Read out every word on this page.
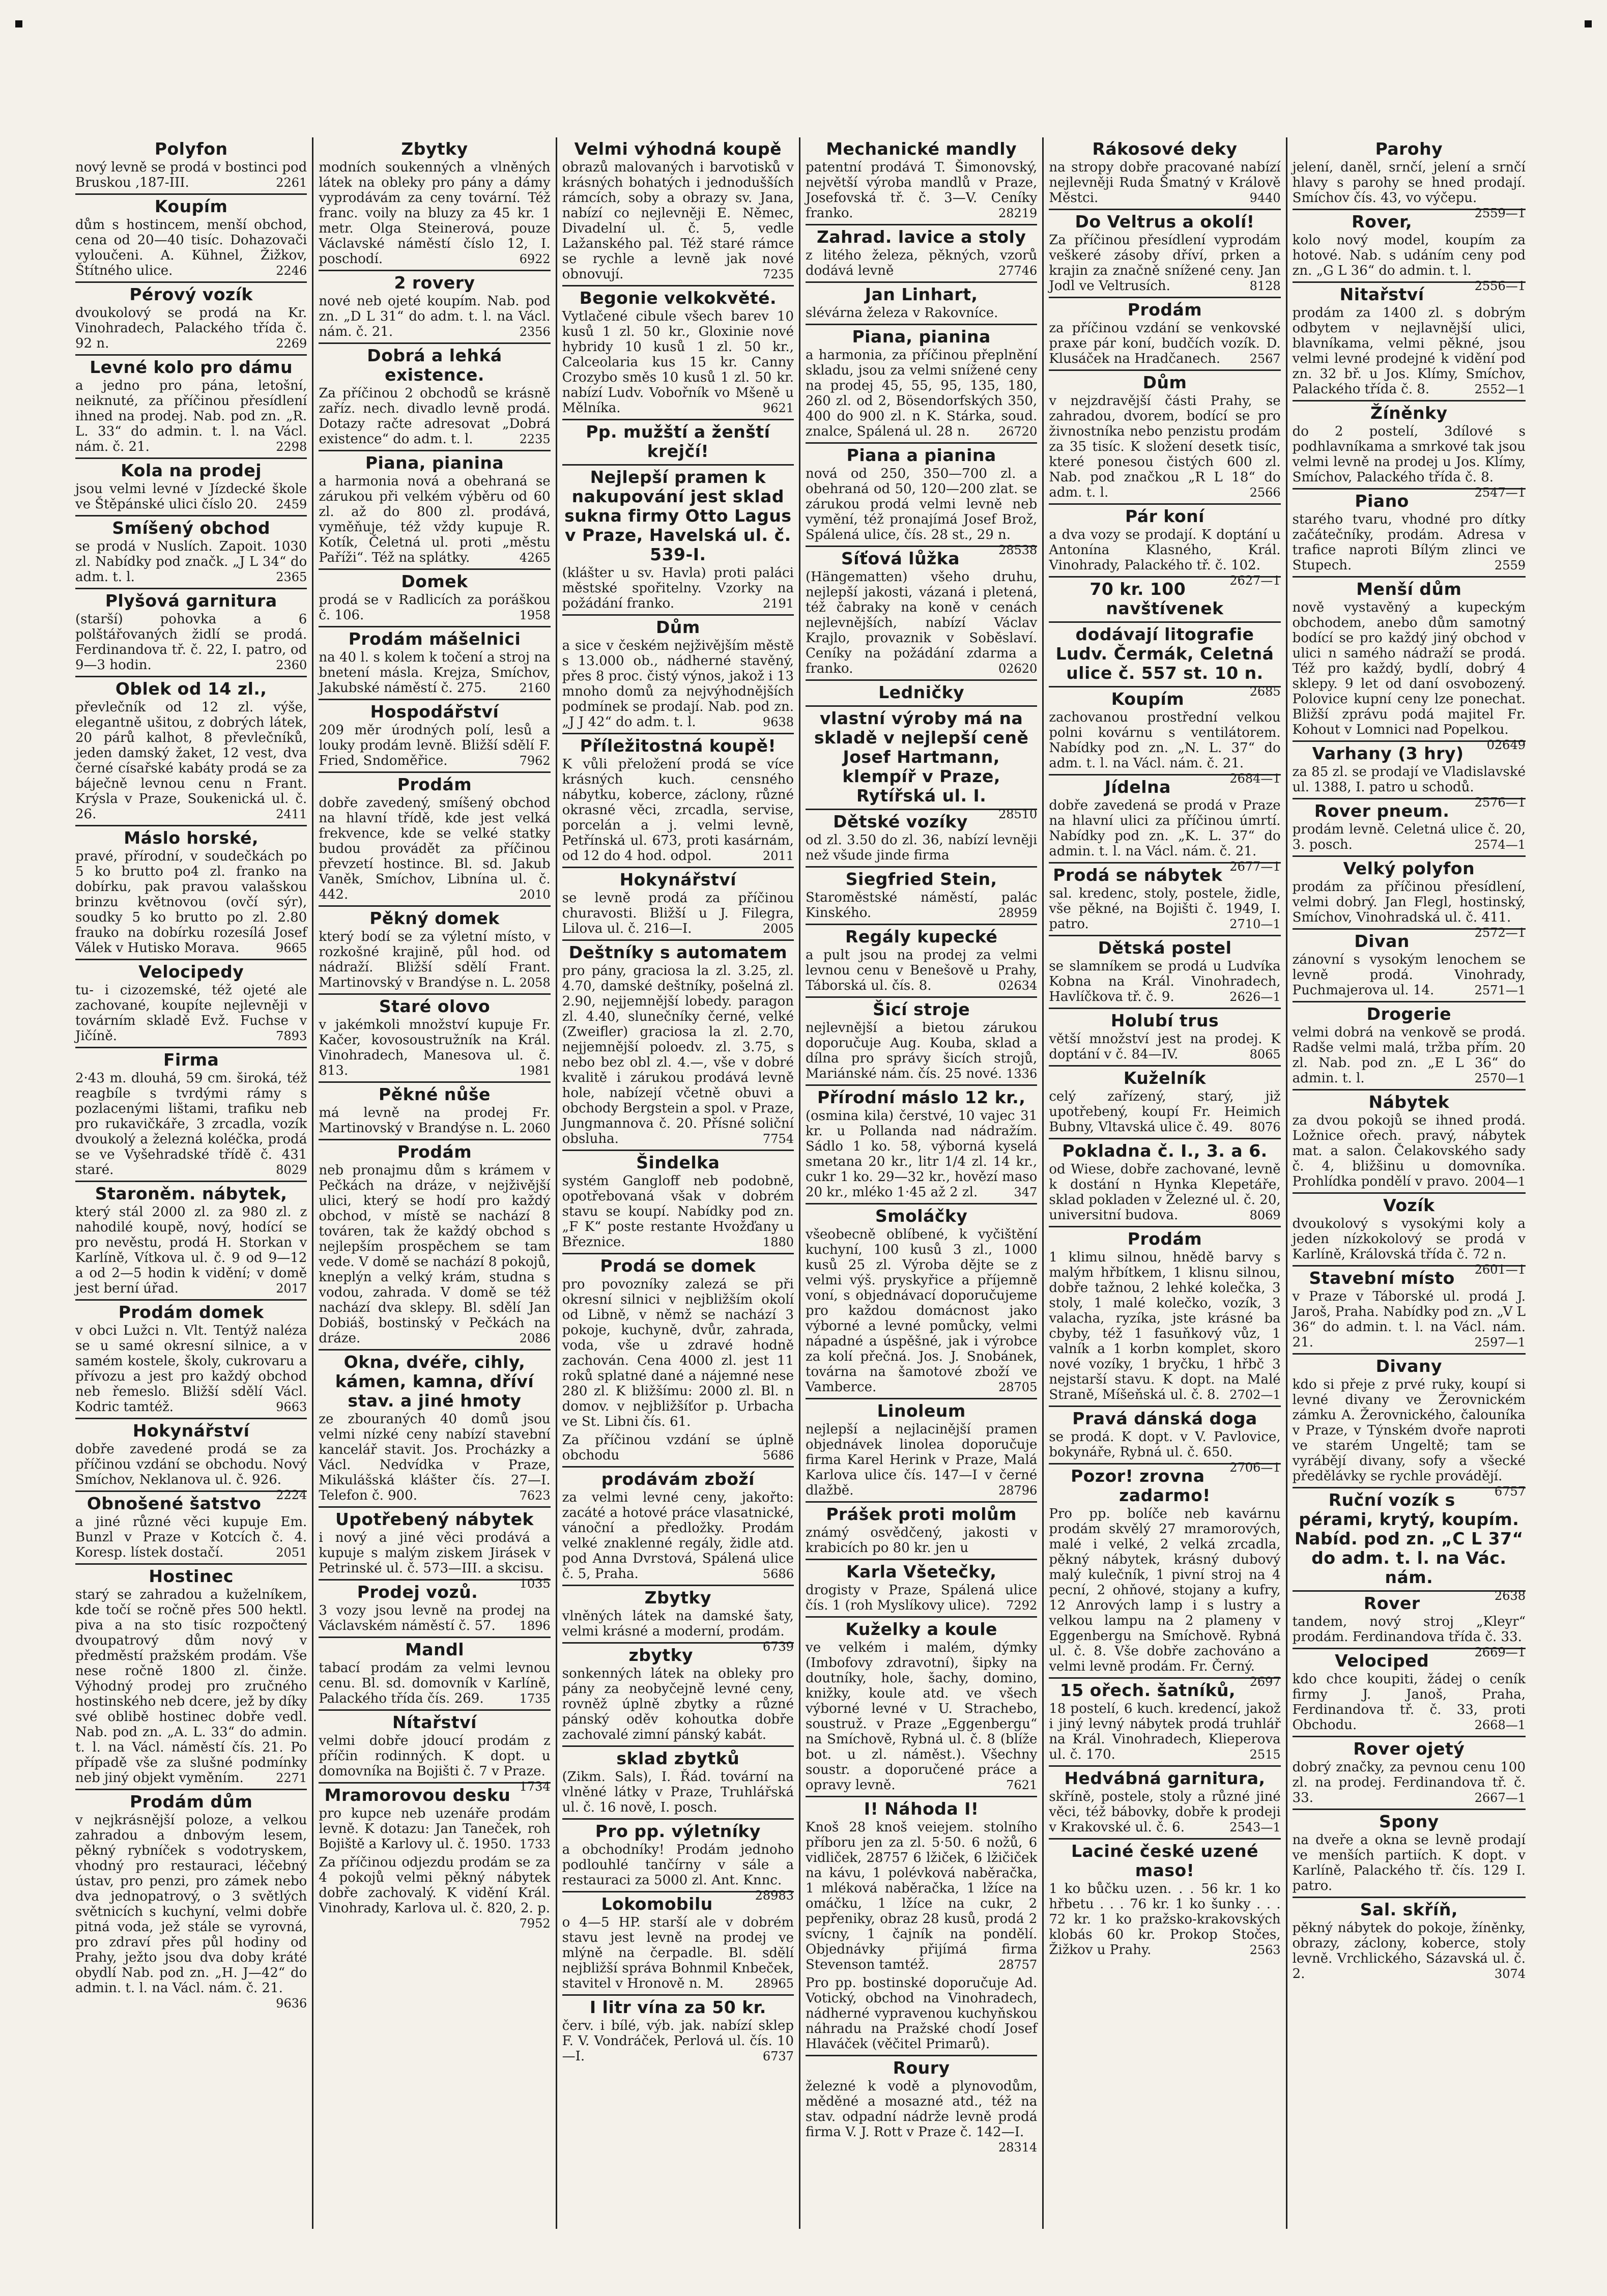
Polyfon
nový levně se prodá v bostinci pod Bruskou ,187-III.	2261
Koupím
dům s hostincem, menší obchod, cena od 20—40 tisíc. Dohazovači vyloučeni. A. Kühnel, Žižkov, Štítného ulice.	2246
Pérový vozík
dvoukolový se prodá na Kr. Vinohradech, Palackého třída č. 92 n.	2269
Levné kolo pro dámu
a jedno pro pána, letošní, neiknuté, za příčinou přesídlení ihned na prodej. Nab. pod zn. „R. L. 33“ do admin. t. l. na Václ. nám. č. 21.	2298
Kola na prodej
jsou velmi levné v Jízdecké škole ve Štěpánské ulici číslo 20. 2459
Smíšený obchod
se prodá v Nuslích. Zapoit. 1030 zl. Nabídky pod značk. „J L 34“ do adm. t. l.	2365
Plyšová garnitura
(starší) pohovka a 6 polštářovaných židlí se prodá. Ferdinandova tř. č. 22, I. patro, od 9—3 hodin.	2360
Oblek od 14 zl.,
převlečník od 12 zl. výše, elegantně ušitou, z dobrých látek, 20 párů kalhot, 8 převlečníků, jeden damský žaket, 12 vest, dva černé císařské kabáty prodá se za báječně levnou cenu n Frant. Krýsla v Praze, Soukenická ul. č. 26.	2411
Máslo horské,
pravé, přírodní, v soudečkách po 5 ko brutto po4 zl. franko na dobírku, pak pravou valašskou brinzu květnovou (ovčí sýr), soudky 5 ko brutto po zl. 2.80 frauko na dobírku rozesílá Josef Válek v Hutisko Morava.	9665
Velocipedy
tu- i cizozemské, též ojeté ale zachované, koupíte nejlevněji v továrním skladě Evž. Fuchse v Jičíně.	7893
Firma
2·43 m. dlouhá, 59 cm. široká, též reagbíle s tvrdými rámy s pozlacenými lištami, trafiku neb pro rukavičkáře, 3 zrcadla, vozík dvoukolý a železná koléčka, prodá se ve Vyšehradské třídě č. 431 staré.	8029
Staroněm. nábytek,
který stál 2000 zl. za 980 zl. z nahodilé koupě, nový, hodící se pro nevěstu, prodá H. Storkan v Karlíně, Vítkova ul. č. 9 od 9—12 a od 2—5 hodin k vidění; v domě jest berní úřad.	2017
Prodám domek
v obci Lužci n. Vlt. Tentýž naléza se u samé okresní silnice, a v samém kostele, školy, cukrovaru a přívozu a jest pro každý obchod neb řemeslo. Bližší sdělí Václ. Kodric tamtéž.	9663
Hokynářství
dobře zavedené prodá se za příčinou vzdání se obchodu. Nový Smíchov, Neklanova ul. č. 926.
2224
Obnošené šatstvo
a jiné různé věci kupuje Em. Bunzl v Praze v Kotcích č. 4. Koresp. lístek dostačí.	2051
Hostinec
starý se zahradou a kuželníkem, kde točí se ročně přes 500 hektl. piva a na sto tisíc rozpočtený dvoupatrový dům nový v předměstí pražském prodám. Vše nese ročně 1800 zl. činže. Výhodný prodej pro zručného hostinského neb dcere, jež by díky své oblibě hostinec dobře vedl. Nab. pod zn. „A. L. 33“ do admin. t. l. na Václ. náměstí čís. 21. Po případě vše za slušné podmínky neb jiný objekt vyměním.	2271
Prodám dům
v nejkrásnější poloze, a velkou zahradou a dnbovým lesem, pěkný rybníček s vodotryskem, vhodný pro restauraci, léčebný ústav, pro penzi, pro zámek nebo dva jednopatrový, o 3 světlých světnicích s kuchyní, velmi dobře pitná voda, jež stále se vyrovná, pro zdraví přes půl hodiny od Prahy, ježto jsou dva doby kráté obydlí Nab. pod zn. „H. J—42“ do admin. t. l. na Václ. nám. č. 21.
9636
Zbytky
modních soukenných a vlněných látek na obleky pro pány a dámy vyprodávám za ceny tovární. Též franc. voily na bluzy za 45 kr. 1 metr. Olga Steinerová, pouze Václavské náměstí číslo 12, I. poschodí.	6922
2 rovery
nové neb ojeté koupím. Nab. pod zn. „D L 31“ do adm. t. l. na Václ. nám. č. 21.	2356
Dobrá a lehká existence.
Za příčinou 2 obchodů se krásně zaříz. nech. divadlo levně prodá. Dotazy račte adresovat „Dobrá existence“ do adm. t. l.	2235
Piana, pianina
a harmonia nová a obehraná se zárukou při velkém výběru od 60 zl. až do 800 zl. prodává, vyměňuje, též vždy kupuje R. Kotík, Čeletná ul. proti „městu Paříži“. Též na splátky.	4265
Domek
prodá se v Radlicích za poráškou č. 106.	1958
Prodám mášelnici
na 40 l. s kolem k točení a stroj na bnetení másla. Krejza, Smíchov, Jakubské náměstí č. 275.	2160
Hospodářství
209 měr úrodných polí, lesů a louky prodám levně. Bližší sdělí F. Fried, Sndoměřice.	7962
Prodám
dobře zavedený, smíšený obchod na hlavní třídě, kde jest velká frekvence, kde se velké statky budou provádět za příčinou převzetí hostince. Bl. sd. Jakub Vaněk, Smíchov, Libnína ul. č. 442.	2010
Pěkný domek
který bodí se za výletní místo, v rozkošné krajině, půl hod. od nádraží. Bližší sdělí Frant. Martinovský v Brandýse n. L. 2058
Staré olovo
v jakémkoli množství kupuje Fr. Kačer, kovosoustružník na Král. Vinohradech, Manesova ul. č. 813.	1981
Pěkné nůše
má levně na prodej Fr. Martinovský v Brandýse n. L. 2060
Prodám
neb pronajmu dům s krámem v Pečkách na dráze, v nejživější ulici, který se hodí pro každý obchod, v místě se nachází 8 továren, tak že každý obchod s nejlepším prospěchem se tam vede. V domě se nachází 8 pokojů, kneplýn a velký krám, studna s vodou, zahrada. V domě se též nachází dva sklepy. Bl. sdělí Jan Dobiáš, bostinský v Pečkách na dráze.	2086
Okna, dvéře, cihly, kámen, kamna, dříví stav. a jiné hmoty
ze zbouraných 40 domů jsou velmi nízké ceny nabízí stavební kancelář stavit. Jos. Procházky a Václ. Nedvídka v Praze, Mikulášská klášter čís. 27—I. Telefon č. 900.	7623
Upotřebený nábytek
i nový a jiné věci prodává a kupuje s malým ziskem Jirásek v Petrinské ul. č. 573—III. a skcisu.
1035
Prodej vozů.
3 vozy jsou levně na prodej na Václavském náměstí č. 57. 1896
Mandl
tabací prodám za velmi levnou cenu. Bl. sd. domovník v Karlíně, Palackého třída čís. 269.	1735
Nítařství
velmi dobře jdoucí prodám z příčin rodinných. K dopt. u domovníka na Bojišti č. 7 v Praze.
1734
Mramorovou desku
pro kupce neb uzenáře prodám levně. K dotazu: Jan Taneček, roh Bojiště a Karlovy ul. č. 1950. 1733
Za příčinou odjezdu prodám se za 4 pokojů velmi pěkný nábytek dobře zachovalý. K vidění Král. Vinohrady, Karlova ul. č. 820, 2. p.
7952
Velmi výhodná koupě
obrazů malovaných i barvotisků v krásných bohatých i jednodušších rámcích, soby a obrazy sv. Jana, nabízí co nejlevněji E. Němec, Divadelní ul. č. 5, vedle Lažanského pal. Též staré rámce se rychle a levně jak nové obnovují.	7235
Begonie velkokvěté.
Vytlačené cibule všech barev 10 kusů 1 zl. 50 kr., Gloxinie nové hybridy 10 kusů 1 zl. 50 kr., Calceolaria kus 15 kr. Canny Crozybo směs 10 kusů 1 zl. 50 kr. nabízí Ludv. Vobořník vo Mšeně u Mělníka.	9621
Pp. mužští a ženští krejčí!
Nejlepší pramen k nakupování jest sklad sukna firmy Otto Lagus v Praze, Havelská ul. č. 539-I.
(klášter u sv. Havla) proti paláci městské spořitelny. Vzorky na požádání franko.	2191
Dům
a sice v českém nejživějším městě s 13.000 ob., nádherné stavěný, přes 8 proc. čistý výnos, jakož i 13 mnoho domů za nejvýhodnějších podmínek se prodají. Nab. pod zn. „J J 42“ do adm. t. l.	9638
Příležitostná koupě!
K vůli přeložení prodá se více krásných kuch. censného nábytku, koberce, záclony, různé okrasné věci, zrcadla, servise, porcelán a j. velmi levně, Petřínská ul. 673, proti kasárnám, od 12 do 4 hod. odpol.	2011
Hokynářství
se levně prodá za příčinou churavosti. Bližší u J. Filegra, Lilova ul. č. 216—I.	2005
Deštníky s automatem
pro pány, graciosa la zl. 3.25, zl. 4.70, damské deštníky, pošelná zl. 2.90, nejjemnější lobedy. paragon zl. 4.40, slunečníky černé, velké (Zweifler) graciosa la zl. 2.70, nejjemnější poloedv. zl. 3.75, s nebo bez obl zl. 4.—, vše v dobré kvalitě i zárukou prodává levně hole, nabízejí včetně obuvi a obchody Bergstein a spol. v Praze, Jungmannova č. 20. Přísné soliční obsluha.	7754
Šindelka
systém Gangloff neb podobně, opotřebovaná však v dobrém stavu se koupí. Nabídky pod zn. „F K“ poste restante Hvožďany u Březnice.	1880
Prodá se domek
pro povozníky zalezá se při okresní silnici v nejbližším okolí od Libně, v němž se nachází 3 pokoje, kuchyně, dvůr, zahrada, voda, vše u zdravé hodně zachován. Cena 4000 zl. jest 11 roků splatné dané a nájemné nese 280 zl. K bližšímu: 2000 zl. Bl. n domov. v nejbližšíťor p. Urbacha ve St. Libni čís. 61.
Za příčinou vzdání se úplně obchodu	5686
prodávám zboží
za velmi levné ceny, jakořto: zacáté a hotové práce vlasatnické, vánoční a předložky. Prodám velké znaklenné regály, židle atd. pod Anna Dvrstová, Spálená ulice č. 5, Praha.	5686
Zbytky
vlněných látek na damské šaty, velmi krásné a moderní, prodám.
6739
zbytky
sonkenných látek na obleky pro pány za neobyčejně levné ceny, rovněž úplně zbytky a různé pánský oděv kohoutka dobře zachovalé zimní pánský kabát.
sklad zbytků
(Zikm. Sals), I. Řád. tovární na vlněné látky v Praze, Truhlářská ul. č. 16 nově, I. posch.
Pro pp. výletníky
a obchodníky! Prodám jednoho podlouhlé tančírny v sále a restauraci za 5000 zl. Ant. Knnc.
28983
Lokomobilu
o 4—5 HP. starší ale v dobrém stavu jest levně na prodej ve mlýně na čerpadle. Bl. sdělí nejbližší správa Bohnmil Knbeček, stavitel v Hronově n. M.	28965
I litr vína za 50 kr.
červ. i bílé, výb. jak. nabízí sklep F. V. Vondráček, Perlová ul. čís. 10—I.	6737
Mechanické mandly
patentní prodává T. Šimonovský, největší výroba mandlů v Praze, Josefovská tř. č. 3—V. Ceníky franko.	28219
Zahrad. lavice a stoly
z litého železa, pěkných, vzorů dodává levně	27746
Jan Linhart,
slévárna železa v Rakovníce.
Piana, pianina
a harmonia, za příčinou přeplnění skladu, jsou za velmi snížené ceny na prodej 45, 55, 95, 135, 180, 260 zl. od 2, Bösendorfských 350, 400 do 900 zl. n K. Stárka, soud. znalce, Spálená ul. 28 n. 26720
Piana a pianina
nová od 250, 350—700 zl. a obehraná od 50, 120—200 zlat. se zárukou prodá velmi levně neb vymění, též pronajímá Josef Brož, Spálená ulice, čís. 28 st., 29 n.
28538
Síťová lůžka
(Hängematten) všeho druhu, nejlepší jakosti, vázaná i pletená, též čabraky na koně v cenách nejlevnějších, nabízí Václav Krajlo, provaznik v Soběslaví. Ceníky na požádání zdarma a franko.	02620
Ledničky
vlastní výroby má na skladě v nejlepší ceně Josef Hartmann, klempíř v Praze, Rytířská ul. I.
28510
Dětské vozíky
od zl. 3.50 do zl. 36, nabízí levněji než všude jinde firma
Siegfried Stein,
Staroměstské náměstí, palác Kinského.	28959
Regály kupecké
a pult jsou na prodej za velmi levnou cenu v Benešově u Prahy, Táborská ul. čís. 8.	02634
Šicí stroje
nejlevnější a bietou zárukou doporučuje Aug. Kouba, sklad a dílna pro správy šicích strojů, Mariánské nám. čís. 25 nové. 1336
Přírodní máslo 12 kr.,
(osmina kila) čerstvé, 10 vajec 31 kr. u Pollanda nad nádražím. Sádlo 1 ko. 58, výborná kyselá smetana 20 kr., litr 1/4 zl. 14 kr., cukr 1 ko. 29—32 kr., hovězí maso 20 kr., mléko 1·45 až 2 zl.	347
Smoláčky
všeobecně oblíbené, k vyčištění kuchyní, 100 kusů 3 zl., 1000 kusů 25 zl. Výroba dějte se z velmi výš. pryskyřice a příjemně voní, s objednávací doporučujeme pro každou domácnost jako výborné a levné pomůcky, velmi nápadné a úspěšné, jak i výrobce za kolí přečná. Jos. J. Snobánek, továrna na šamotové zboží ve Vamberce.	28705
Linoleum
nejlepší a nejlacinější pramen objednávek linolea doporučuje firma Karel Herink v Praze, Malá Karlova ulice čís. 147—I v černé dlažbě.	28796
Prášek proti molům
známý osvědčený, jakosti v krabicích po 80 kr. jen u
Karla Všetečky,
drogisty v Praze, Spálená ulice čís. 1 (roh Myslíkovy ulice). 7292
Kuželky a koule
ve velkém i malém, dýmky (Imbofovy zdravotní), šipky na doutníky, hole, šachy, domino, knižky, koule atd. ve všech výborné levné v U. Strachebo, soustruž. v Praze „Eggenbergu“ na Smíchově, Rybná ul. č. 8 (blíže bot. u zl. náměst.). Všechny soustr. a doporučené práce a opravy levně.	7621
I! Náhoda I!
Knoš 28 knoš veiejem. stolního příboru jen za zl. 5·50. 6 nožů, 6 vidliček, 28757 6 lžiček, 6 lžičiček na kávu, 1 polévková naběračka, 1 mléková naběračka, 1 lžíce na omáčku, 1 lžíce na cukr, 2 pepřeniky, obraz 28 kusů, prodá 2 svícny, 1 čajník na pondělí. Objednávky přijímá firma Stevenson tamtéž.	28757
Pro pp. bostinské doporučuje Ad. Votický, obchod na Vinohradech, nádherné vypravenou kuchyňskou náhradu na Pražské chodí Josef Hlaváček (věčitel Primarů).
Roury
železné k vodě a plynovodům, měděné a mosazné atd., též na stav. odpadní nádrže levně prodá firma V. J. Rott v Praze č. 142—I.
28314
Rákosové deky
na stropy dobře pracované nabízí nejlevněji Ruda Šmatný v Králově Městci.	9440
Do Veltrus a okolí!
Za příčinou přesídlení vyprodám veškeré zásoby dříví, prken a krajin za značně snížené ceny. Jan Jodl ve Veltrusích.	8128
Prodám
za příčinou vzdání se venkovské praxe pár koní, budčích vozík. D. Klusáček na Hradčanech. 2567
Dům
v nejzdravější části Prahy, se zahradou, dvorem, bodící se pro živnostníka nebo penzistu prodám za 35 tisíc. K složení desetk tisíc, které ponesou čistých 600 zl. Nab. pod značkou „R L 18“ do adm. t. l.	2566
Pár koní
a dva vozy se prodají. K doptání u Antonína Klasného, Král. Vinohrady, Palackého tř. č. 102.
2627—1
70 kr. 100 navštívenek
dodávají litografie Ludv. Čermák, Celetná ulice č. 557 st. 10 n.
2685
Koupím
zachovanou prostřední velkou polni kovárnu s ventilátorem. Nabídky pod zn. „N. L. 37“ do adm. t. l. na Václ. nám. č. 21.
2684—1
Jídelna
dobře zavedená se prodá v Praze na hlavní ulici za příčinou úmrtí. Nabídky pod zn. „K. L. 37“ do admin. t. l. na Václ. nám. č. 21.
2677—1
Prodá se nábytek
sal. kredenc, stoly, postele, židle, vše pěkné, na Bojišti č. 1949, I. patro.	2710—1
Dětská postel
se slamníkem se prodá u Ludvíka Kobna na Král. Vinohradech, Havlíčkova tř. č. 9.	2626—1
Holubí trus
větší množství jest na prodej. K doptání v č. 84—IV.	8065
Kuželník
celý zařízený, starý, již upotřebený, koupí Fr. Heimich Bubny, Vltavská ulice č. 49. 8076
Pokladna č. I., 3. a 6.
od Wiese, dobře zachované, levně k dostání n Hynka Klepetáře, sklad pokladen v Železné ul. č. 20, universitní budova.	8069
Prodám
1 klimu silnou, hnědě barvy s malým hřbítkem, 1 klisnu silnou, dobře tažnou, 2 lehké kolečka, 3 stoly, 1 malé kolečko, vozík, 3 valacha, ryzíka, jste krásné ba cbyby, též 1 fasuňkový vůz, 1 valník a 1 korbn komplet, skoro nové vozíky, 1 bryčku, 1 hřbč 3 nejstarší stavu. K dopt. na Malé Straně, Míšeňská ul. č. 8. 2702—1
Pravá dánská doga
se prodá. K dopt. v V. Pavlovice, bokynáře, Rybná ul. č. 650.
2706—1
Pozor! zrovna zadarmo!
Pro pp. bolíče neb kavárnu prodám skvělý 27 mramorových, malé i velké, 2 velká zrcadla, pěkný nábytek, krásný dubový malý kulečník, 1 pivní stroj na 4 pecní, 2 ohňové, stojany a kufry, 12 Anrových lamp i s lustry a velkou lampu na 2 plameny v Eggenbergu na Smíchově. Rybná ul. č. 8. Vše dobře zachováno a velmi levně prodám. Fr. Černý.
2697
15 ořech. šatníků,
18 postelí, 6 kuch. kredencí, jakož i jiný levný nábytek prodá truhlář na Král. Vinohradech, Klieperova ul. č. 170.	2515
Hedvábná garnitura,
skříně, postele, stoly a různé jiné věci, též bábovky, dobře k prodeji v Krakovské ul. č. 6.	2543—1
Laciné české uzené maso!
1 ko bůčku uzen. . . 56 kr. 1 ko hřbetu . . . 76 kr. 1 ko šunky . . . 72 kr. 1 ko pražsko-krakovských klobás 60 kr. Prokop Stočes, Žižkov u Prahy.	2563
Parohy
jelení, daněl, srnčí, jelení a srnčí hlavy s parohy se hned prodají. Smíchov čís. 43, vo výčepu.
2559—1
Rover,
kolo nový model, koupím za hotové. Nab. s udáním ceny pod zn. „G L 36“ do admin. t. l.
2556—1
Nitařství
prodám za 1400 zl. s dobrým odbytem v nejlavnější ulici, blavníkama, velmi pěkné, jsou velmi levné prodejné k vidění pod zn. 32 bř. u Jos. Klímy, Smíchov, Palackého třída č. 8.	2552—1
Žíněnky
do 2 postelí, 3dílové s podhlavníkama a smrkové tak jsou velmi levně na prodej u Jos. Klímy, Smíchov, Palackého třída č. 8.
2547—1
Piano
starého tvaru, vhodné pro dítky začátečníky, prodám. Adresa v trafice naproti Bílým zlinci ve Stupech.	2559
Menší dům
nově vystavěný a kupeckým obchodem, anebo dům samotný bodící se pro každý jiný obchod v ulici n samého nádraží se prodá. Též pro každý, bydlí, dobrý 4 sklepy. 9 let od daní osvobozený. Polovice kupní ceny lze ponechat. Bližší zprávu podá majitel Fr. Kohout v Lomnici nad Popelkou.
02649
Varhany (3 hry)
za 85 zl. se prodají ve Vladislavské ul. 1388, I. patro u schodů.
2576—1
Rover pneum.
prodám levně. Celetná ulice č. 20, 3. posch.	2574—1
Velký polyfon
prodám za příčinou přesídlení, velmi dobrý. Jan Flegl, hostinský, Smíchov, Vinohradská ul. č. 411.
2572—1
Divan
zánovní s vysokým lenochem se levně prodá. Vinohrady, Puchmajerova ul. 14.	2571—1
Drogerie
velmi dobrá na venkově se prodá. Radše velmi malá, tržba přím. 20 zl. Nab. pod zn. „E L 36“ do admin. t. l.	2570—1
Nábytek
za dvou pokojů se ihned prodá. Ložnice ořech. pravý, nábytek mat. a salon. Čelakovského sady č. 4, bližšinu u domovníka. Prohlídka pondělí v pravo. 2004—1
Vozík
dvoukolový s vysokými koly a jeden nízkokolový se prodá v Karlíně, Královská třída č. 72 n.
2601—1
Stavební místo
v Praze v Táborské ul. prodá J. Jaroš, Praha. Nabídky pod zn. „V L 36“ do admin. t. l. na Václ. nám. 21.	2597—1
Divany
kdo si přeje z prvé ruky, koupí si levné divany ve Žerovnickém zámku A. Žerovnického, čalouníka v Praze, v Týnském dvoře naproti ve starém Ungeltě; tam se vyrábějí divany, sofy a všecké předělávky se rychle provádějí.
6757
Ruční vozík s pérami, krytý, koupím. Nabíd. pod zn. „C L 37“ do adm. t. l. na Vác. nám.
2638
Rover
tandem, nový stroj „Kleyr“ prodám. Ferdinandova třída č. 33.
2669—1
Velociped
kdo chce koupiti, žádej o ceník firmy J. Janoš, Praha, Ferdinandova tř. č. 33, proti Obchodu.	2668—1
Rover ojetý
dobrý značky, za pevnou cenu 100 zl. na prodej. Ferdinandova tř. č. 33.	2667—1
Spony
na dveře a okna se levně prodají ve menších partiích. K dopt. v Karlíně, Palackého tř. čís. 129 I. patro.
Sal. skříň,
pěkný nábytek do pokoje, žíněnky, obrazy, záclony, koberce, stoly levně. Vrchlického, Sázavská ul. č. 2.	3074
